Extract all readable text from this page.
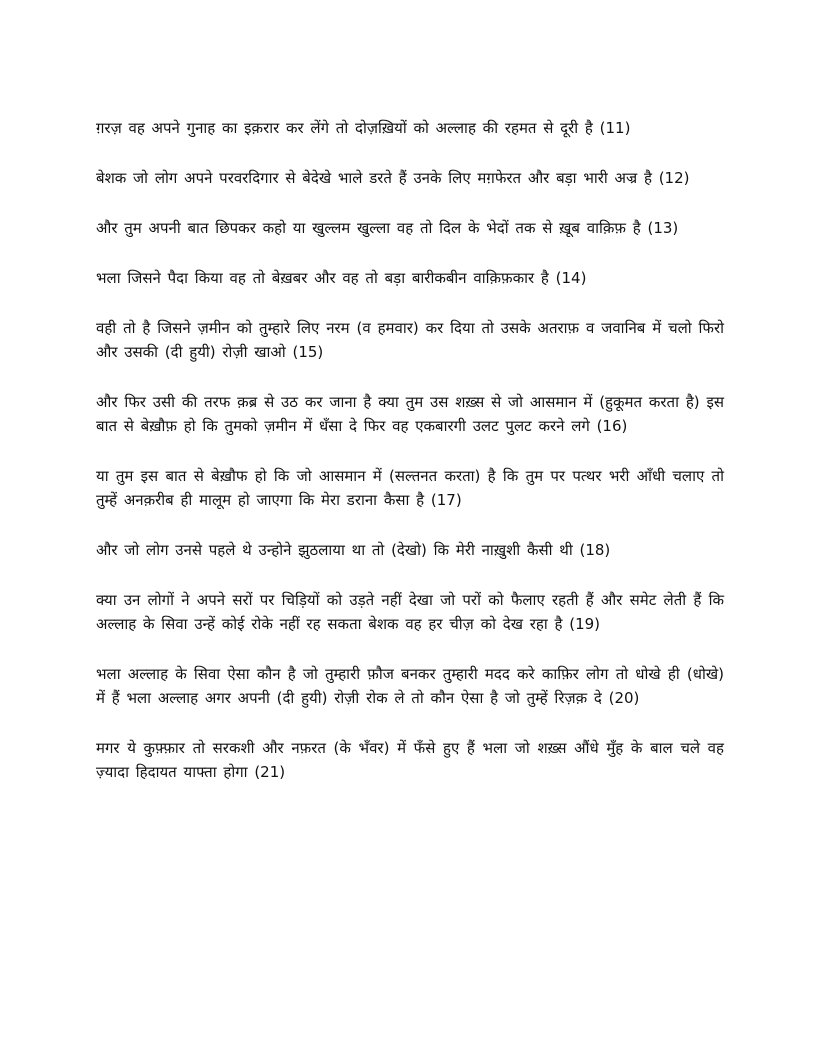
ग़रज़ वह अपने गुनाह का इक़रार कर लेंगे तो दोज़ख़ियों को अल्लाह की रहमत से दूरी है (11)

बेशक जो लोग अपने परवरदिगार से बेदेखे भाले डरते हैं उनके लिए मग़फेरत और बड़ा भारी अज्र है (12)

और तुम अपनी बात छिपकर कहो या खुल्लम खुल्ला वह तो दिल के भेदों तक से ख़ूब वाक़िफ़ है (13)

भला जिसने पैदा किया वह तो बेख़बर और वह तो बड़ा बारीकबीन वाक़िफ़कार है (14)

वही तो है जिसने ज़मीन को तुम्हारे लिए नरम (व हमवार) कर दिया तो उसके अतराफ़ व जवानिब में चलो फिरो और उसकी (दी हुयी) रोज़ी खाओ (15)

और फिर उसी की तरफ क़ब्र से उठ कर जाना है क्या तुम उस शख़्स से जो आसमान में (हुकूमत करता है) इस बात से बेख़ौफ़ हो कि तुमको ज़मीन में धँसा दे फिर वह एकबारगी उलट पुलट करने लगे (16)

या तुम इस बात से बेख़ौफ हो कि जो आसमान में (सल्तनत करता) है कि तुम पर पत्थर भरी आँधी चलाए तो तुम्हें अनक़रीब ही मालूम हो जाएगा कि मेरा डराना कैसा है (17)

और जो लोग उनसे पहले थे उन्होने झुठलाया था तो (देखो) कि मेरी नाख़ुशी कैसी थी (18)

क्या उन लोगों ने अपने सरों पर चिड़ियों को उड़ते नहीं देखा जो परों को फैलाए रहती हैं और समेट लेती हैं कि अल्लाह के सिवा उन्हें कोई रोके नहीं रह सकता बेशक वह हर चीज़ को देख रहा है (19)

भला अल्लाह के सिवा ऐसा कौन है जो तुम्हारी फ़ौज बनकर तुम्हारी मदद करे काफ़िर लोग तो धोखे ही (धोखे) में हैं भला अल्लाह अगर अपनी (दी हुयी) रोज़ी रोक ले तो कौन ऐसा है जो तुम्हें रिज़क़ दे (20)

मगर ये कुफ़्फ़ार तो सरकशी और नफ़रत (के भँवर) में फँसे हुए हैं भला जो शख़्स औंधे मुँह के बाल चले वह ज़्यादा हिदायत याफ्ता होगा (21)
